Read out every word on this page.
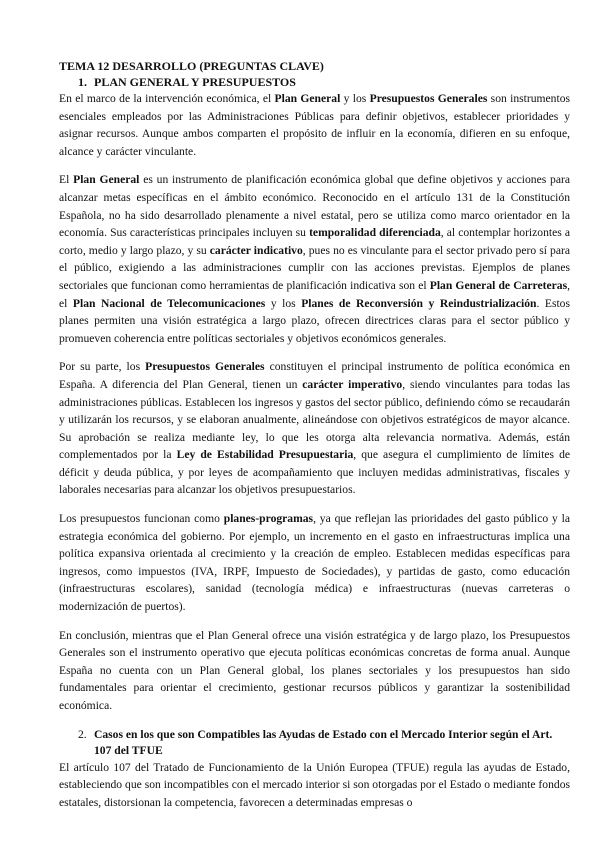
TEMA 12 DESARROLLO (PREGUNTAS CLAVE)
1. PLAN GENERAL Y PRESUPUESTOS

En el marco de la intervención económica, el Plan General y los Presupuestos Generales son instrumentos esenciales empleados por las Administraciones Públicas para definir objetivos, establecer prioridades y asignar recursos. Aunque ambos comparten el propósito de influir en la economía, difieren en su enfoque, alcance y carácter vinculante.

El Plan General es un instrumento de planificación económica global que define objetivos y acciones para alcanzar metas específicas en el ámbito económico. Reconocido en el artículo 131 de la Constitución Española, no ha sido desarrollado plenamente a nivel estatal, pero se utiliza como marco orientador en la economía. Sus características principales incluyen su temporalidad diferenciada, al contemplar horizontes a corto, medio y largo plazo, y su carácter indicativo, pues no es vinculante para el sector privado pero sí para el público, exigiendo a las administraciones cumplir con las acciones previstas. Ejemplos de planes sectoriales que funcionan como herramientas de planificación indicativa son el Plan General de Carreteras, el Plan Nacional de Telecomunicaciones y los Planes de Reconversión y Reindustrialización. Estos planes permiten una visión estratégica a largo plazo, ofrecen directrices claras para el sector público y promueven coherencia entre políticas sectoriales y objetivos económicos generales.

Por su parte, los Presupuestos Generales constituyen el principal instrumento de política económica en España. A diferencia del Plan General, tienen un carácter imperativo, siendo vinculantes para todas las administraciones públicas. Establecen los ingresos y gastos del sector público, definiendo cómo se recaudarán y utilizarán los recursos, y se elaboran anualmente, alineándose con objetivos estratégicos de mayor alcance. Su aprobación se realiza mediante ley, lo que les otorga alta relevancia normativa. Además, están complementados por la Ley de Estabilidad Presupuestaria, que asegura el cumplimiento de límites de déficit y deuda pública, y por leyes de acompañamiento que incluyen medidas administrativas, fiscales y laborales necesarias para alcanzar los objetivos presupuestarios.

Los presupuestos funcionan como planes-programas, ya que reflejan las prioridades del gasto público y la estrategia económica del gobierno. Por ejemplo, un incremento en el gasto en infraestructuras implica una política expansiva orientada al crecimiento y la creación de empleo. Establecen medidas específicas para ingresos, como impuestos (IVA, IRPF, Impuesto de Sociedades), y partidas de gasto, como educación (infraestructuras escolares), sanidad (tecnología médica) e infraestructuras (nuevas carreteras o modernización de puertos).

En conclusión, mientras que el Plan General ofrece una visión estratégica y de largo plazo, los Presupuestos Generales son el instrumento operativo que ejecuta políticas económicas concretas de forma anual. Aunque España no cuenta con un Plan General global, los planes sectoriales y los presupuestos han sido fundamentales para orientar el crecimiento, gestionar recursos públicos y garantizar la sostenibilidad económica.

2. Casos en los que son Compatibles las Ayudas de Estado con el Mercado Interior según el Art. 107 del TFUE

El artículo 107 del Tratado de Funcionamiento de la Unión Europea (TFUE) regula las ayudas de Estado, estableciendo que son incompatibles con el mercado interior si son otorgadas por el Estado o mediante fondos estatales, distorsionan la competencia, favorecen a determinadas empresas o
